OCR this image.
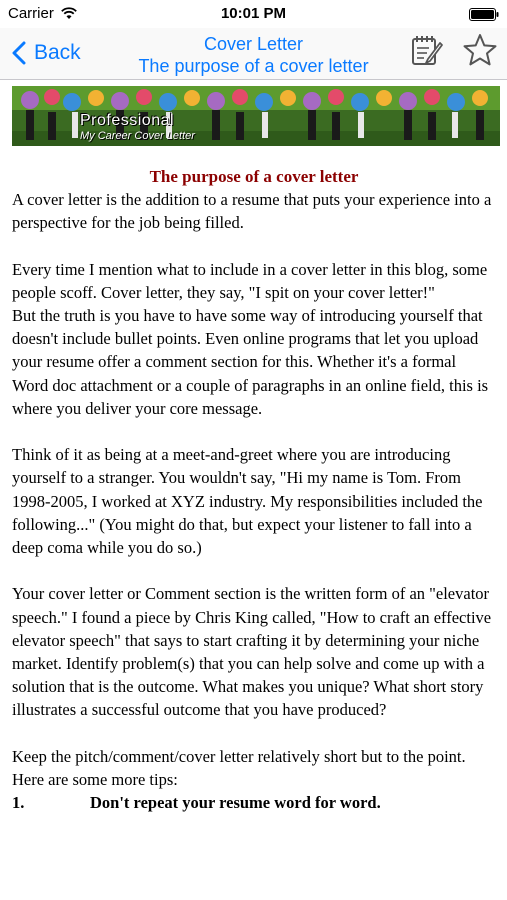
Carrier	10:01 PM
Back	Cover Letter
The purpose of a cover letter
Professional
My Career Cover Letter
The purpose of a cover letter

A cover letter is the addition to a resume that puts your experience into a perspective for the job being filled.

Every time I mention what to include in a cover letter in this blog, some people scoff. Cover letter, they say, "I spit on your cover letter!"

But the truth is you have to have some way of introducing yourself that doesn't include bullet points. Even online programs that let you upload your resume offer a comment section for this. Whether it's a formal Word doc attachment or a couple of paragraphs in an online field, this is where you deliver your core message.

Think of it as being at a meet-and-greet where you are introducing yourself to a stranger. You wouldn't say, "Hi my name is Tom. From 1998-2005, I worked at XYZ industry. My responsibilities included the following..." (You might do that, but expect your listener to fall into a deep coma while you do so.)

Your cover letter or Comment section is the written form of an "elevator speech." I found a piece by Chris King called, "How to craft an effective elevator speech" that says to start crafting it by determining your niche market. Identify problem(s) that you can help solve and come up with a solution that is the outcome. What makes you unique? What short story illustrates a successful outcome that you have produced?

Keep the pitch/comment/cover letter relatively short but to the point.

Here are some more tips:

1.	Don't repeat your resume word for word.
